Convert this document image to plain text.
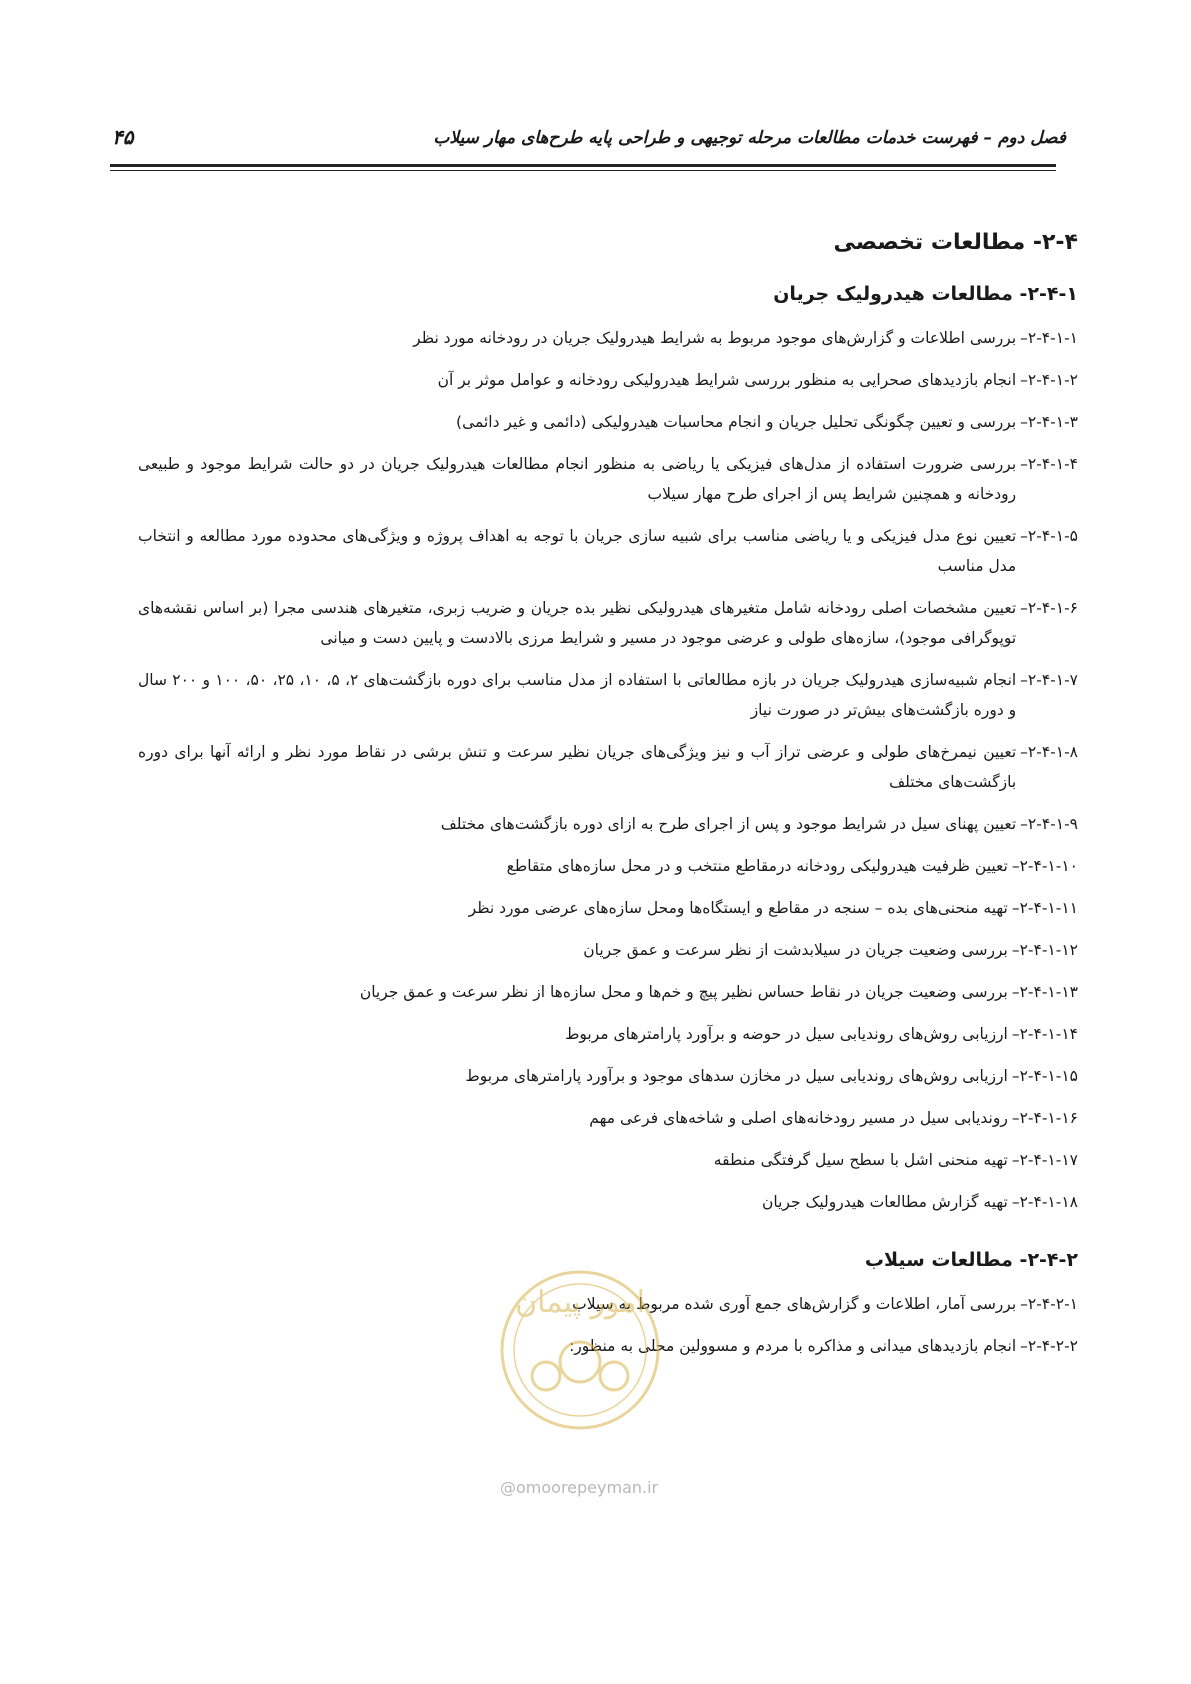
فصل دوم – فهرست خدمات مطالعات مرحله توجیهی و طراحی پایه طرح‌های مهار سیلاب
۴۵
۲-۴- مطالعات تخصصی
۲-۴-۱- مطالعات هیدرولیک جریان
۲-۴-۱-۱–
بررسی اطلاعات و گزارش‌های موجود مربوط به شرایط هیدرولیک جریان در رودخانه مورد نظر
۲-۴-۱-۲–
انجام بازدیدهای صحرایی به منظور بررسی شرایط هیدرولیکی رودخانه و عوامل موثر بر آن
۲-۴-۱-۳–
بررسی و تعیین چگونگی تحلیل جریان و انجام محاسبات هیدرولیکی (دائمی و غیر دائمی)
۲-۴-۱-۴–
بررسی ضرورت استفاده از مدل‌های فیزیکی یا ریاضی به منظور انجام مطالعات هیدرولیک جریان در دو حالت شرایط موجود و طبیعی رودخانه و همچنین شرایط پس از اجرای طرح مهار سیلاب
۲-۴-۱-۵–
تعیین نوع مدل فیزیکی و یا ریاضی مناسب برای شبیه سازی جریان با توجه به اهداف پروژه و ویژگی‌های محدوده مورد مطالعه و انتخاب مدل مناسب
۲-۴-۱-۶–
تعیین مشخصات اصلی رودخانه شامل متغیرهای هیدرولیکی نظیر بده جریان و ضریب زبری، متغیرهای هندسی مجرا (بر اساس نقشه‌های توپوگرافی موجود)، سازه‌های طولی و عرضی موجود در مسیر و شرایط مرزی بالادست و پایین دست و میانی
۲-۴-۱-۷–
انجام شبیه‌سازی هیدرولیک جریان در بازه مطالعاتی با استفاده از مدل مناسب برای دوره بازگشت‌های ۲، ۵، ۱۰، ۲۵، ۵۰، ۱۰۰ و ۲۰۰ سال و دوره بازگشت‌های بیش‌تر در صورت نیاز
۲-۴-۱-۸–
تعیین نیمرخ‌های طولی و عرضی تراز آب و نیز ویژگی‌های جریان نظیر سرعت و تنش برشی در نقاط مورد نظر و ارائه آنها برای دوره بازگشت‌های مختلف
۲-۴-۱-۹–
تعیین پهنای سیل در شرایط موجود و پس از اجرای طرح به ازای دوره بازگشت‌های مختلف
۲-۴-۱-۱۰–
تعیین ظرفیت هیدرولیکی رودخانه درمقاطع منتخب و در محل سازه‌های متقاطع
۲-۴-۱-۱۱–
تهیه منحنی‌های بده – سنجه در مقاطع و ایستگاه‌ها ومحل سازه‌های عرضی مورد نظر
۲-۴-۱-۱۲–
بررسی وضعیت جریان در سیلابدشت از نظر سرعت و عمق جریان
۲-۴-۱-۱۳–
بررسی وضعیت جریان در نقاط حساس نظیر پیچ و خم‌ها و محل سازه‌ها از نظر سرعت و عمق جریان
۲-۴-۱-۱۴–
ارزیابی روش‌های روندیابی سیل در حوضه و برآورد پارامترهای مربوط
۲-۴-۱-۱۵–
ارزیابی روش‌های روندیابی سیل در مخازن سدهای موجود و برآورد پارامترهای مربوط
۲-۴-۱-۱۶–
روندیابی سیل در مسیر رودخانه‌های اصلی و شاخه‌های فرعی مهم
۲-۴-۱-۱۷–
تهیه منحنی اشل با سطح سیل گرفتگی منطقه
۲-۴-۱-۱۸–
تهیه گزارش مطالعات هیدرولیک جریان
۲-۴-۲- مطالعات سیلاب
۲-۴-۲-۱–
بررسی آمار، اطلاعات و گزارش‌های جمع آوری شده مربوط به سیلاب
۲-۴-۲-۲–
انجام بازدیدهای میدانی و مذاکره با مردم و مسوولین محلی به منظور:
امور پیمان
@omoorepeyman.ir
